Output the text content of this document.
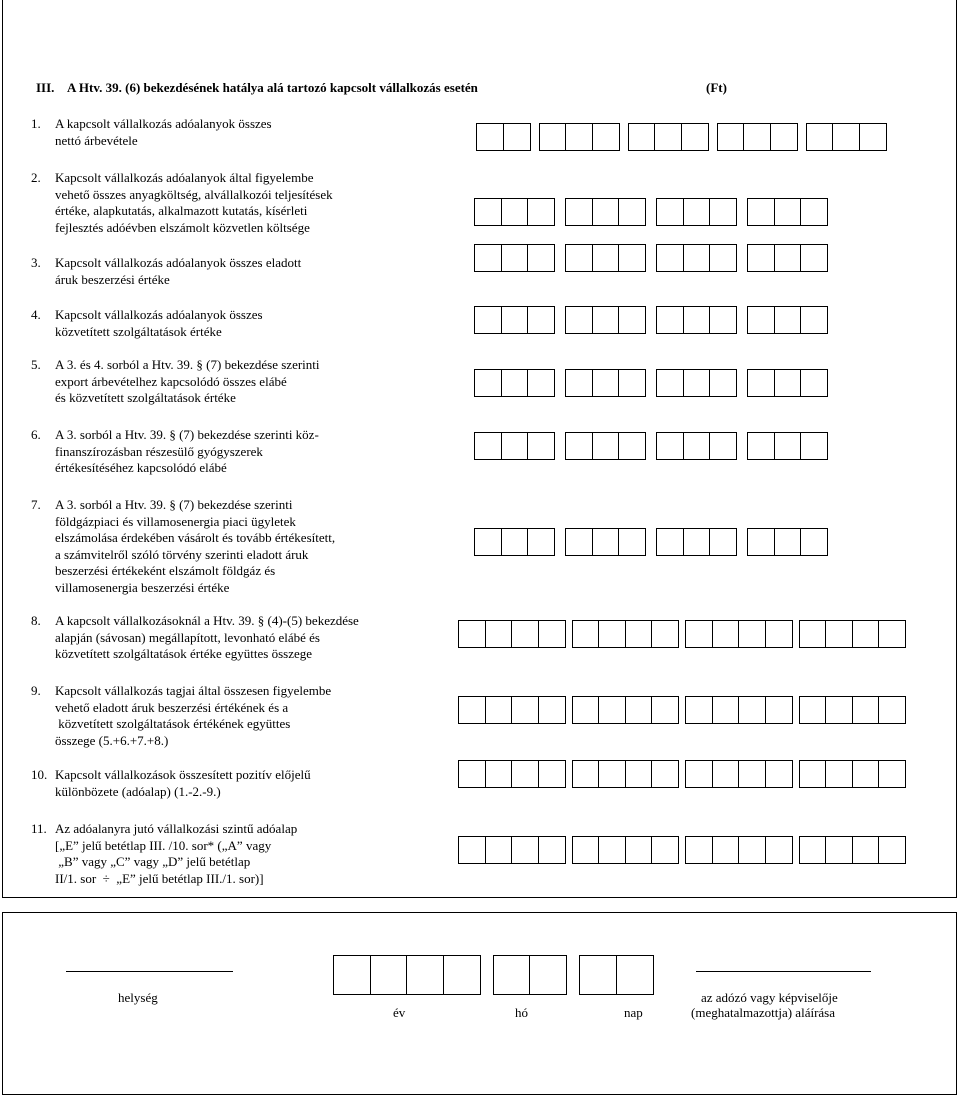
III. A Htv. 39. (6) bekezdésének hatálya alá tartozó kapcsolt vállalkozás esetén	(Ft)
1. A kapcsolt vállalkozás adóalanyok összes
nettó árbevétele
2. Kapcsolt vállalkozás adóalanyok által figyelembe
vehető összes anyagköltség, alvállalkozói teljesítések
értéke, alapkutatás, alkalmazott kutatás, kísérleti
fejlesztés adóévben elszámolt közvetlen költsége
3. Kapcsolt vállalkozás adóalanyok összes eladott
áruk beszerzési értéke
4. Kapcsolt vállalkozás adóalanyok összes
közvetített szolgáltatások értéke
5. A 3. és 4. sorból a Htv. 39. § (7) bekezdése szerinti
export árbevételhez kapcsolódó összes elábé
és közvetített szolgáltatások értéke
6. A 3. sorból a Htv. 39. § (7) bekezdése szerinti köz-
finanszírozásban részesülő gyógyszerek
értékesítéséhez kapcsolódó elábé
7. A 3. sorból a Htv. 39. § (7) bekezdése szerinti
földgázpiaci és villamosenergia piaci ügyletek
elszámolása érdekében vásárolt és tovább értékesített,
a számvitelről szóló törvény szerinti eladott áruk
beszerzési értékeként elszámolt földgáz és
villamosenergia beszerzési értéke
8. A kapcsolt vállalkozásoknál a Htv. 39. § (4)-(5) bekezdése
alapján (sávosan) megállapított, levonható elábé és
közvetített szolgáltatások értéke együttes összege
9. Kapcsolt vállalkozás tagjai által összesen figyelembe
vehető eladott áruk beszerzési értékének és a
közvetített szolgáltatások értékének együttes
összege (5.+6.+7.+8.)
10. Kapcsolt vállalkozások összesített pozitív előjelű
különbözete (adóalap) (1.-2.-9.)
11. Az adóalanyra jutó vállalkozási szintű adóalap
[„E” jelű betétlap III. /10. sor* („A” vagy
„B” vagy „C” vagy „D” jelű betétlap
II/1. sor  ÷  „E” jelű betétlap III./1. sor)]
helység
év	hó	nap
az adózó vagy képviselője
(meghatalmazottja) aláírása
